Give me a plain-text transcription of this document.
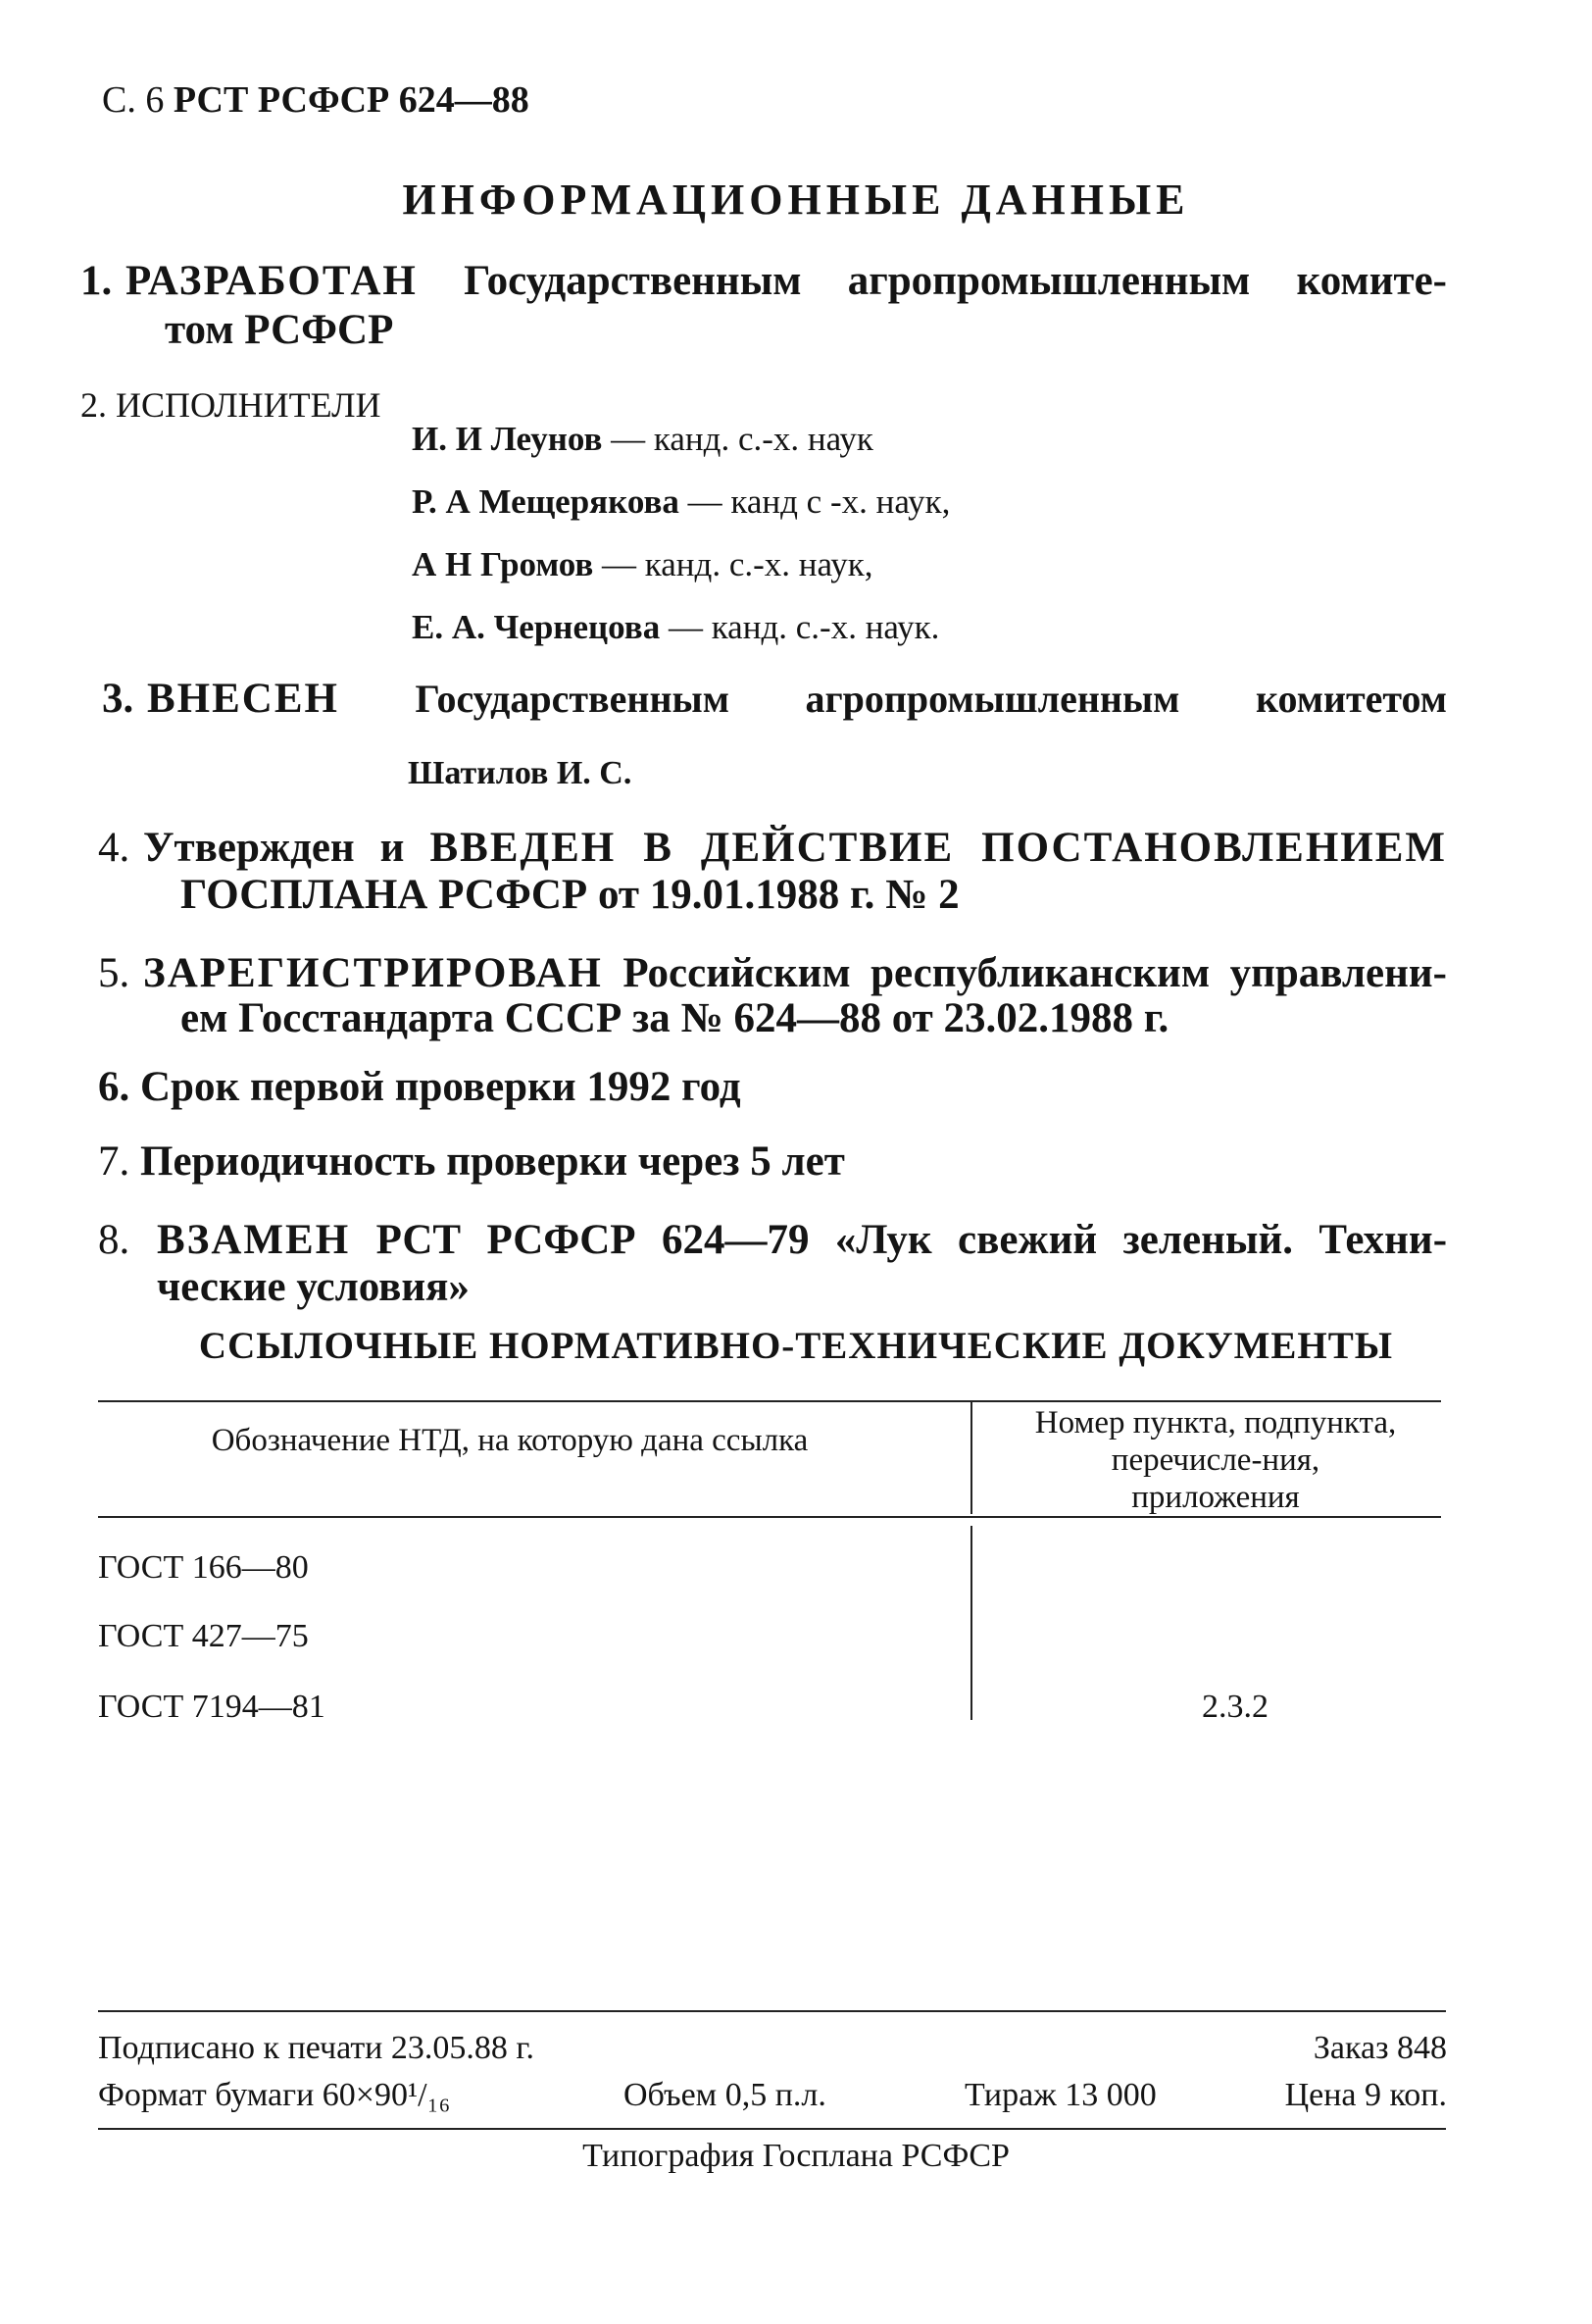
С. 6 РСТ РСФСР 624—88
ИНФОРМАЦИОННЫЕ ДАННЫЕ
1. РАЗРАБОТАН Государственным агропромышленным комите-
том РСФСР
2. ИСПОЛНИТЕЛИ
И. И Леунов — канд. с.-х. наук
Р. А Мещерякова — канд с -х. наук,
А Н Громов — канд. с.-х. наук,
Е. А. Чернецова — канд. с.-х. наук.
3. ВНЕСЕН Государственным агропромышленным комитетом
Шатилов И. С.
4. Утвержден и ВВЕДЕН В ДЕЙСТВИЕ ПОСТАНОВЛЕНИЕМ
ГОСПЛАНА РСФСР от 19.01.1988 г. № 2
5. ЗАРЕГИСТРИРОВАН Российским республиканским управлени-
ем Госстандарта СССР за № 624—88 от 23.02.1988 г.
6. Срок первой проверки 1992 год
7. Периодичность проверки через 5 лет
8. ВЗАМЕН РСТ РСФСР 624—79 «Лук свежий зеленый. Техни-
ческие условия»
ССЫЛОЧНЫЕ НОРМАТИВНО-ТЕХНИЧЕСКИЕ ДОКУМЕНТЫ
Обозначение НТД, на которую дана ссылка	Номер пункта, подпункта, перечисле-ния, приложения
ГОСТ 166—80
ГОСТ 427—75
ГОСТ 7194—81	2.3.2
Подписано к печати 23.05.88 г.	Заказ 848
Формат бумаги 60×90¹/₁₆	Объем 0,5 п.л.	Тираж 13 000	Цена 9 коп.
Типография Госплана РСФСР
